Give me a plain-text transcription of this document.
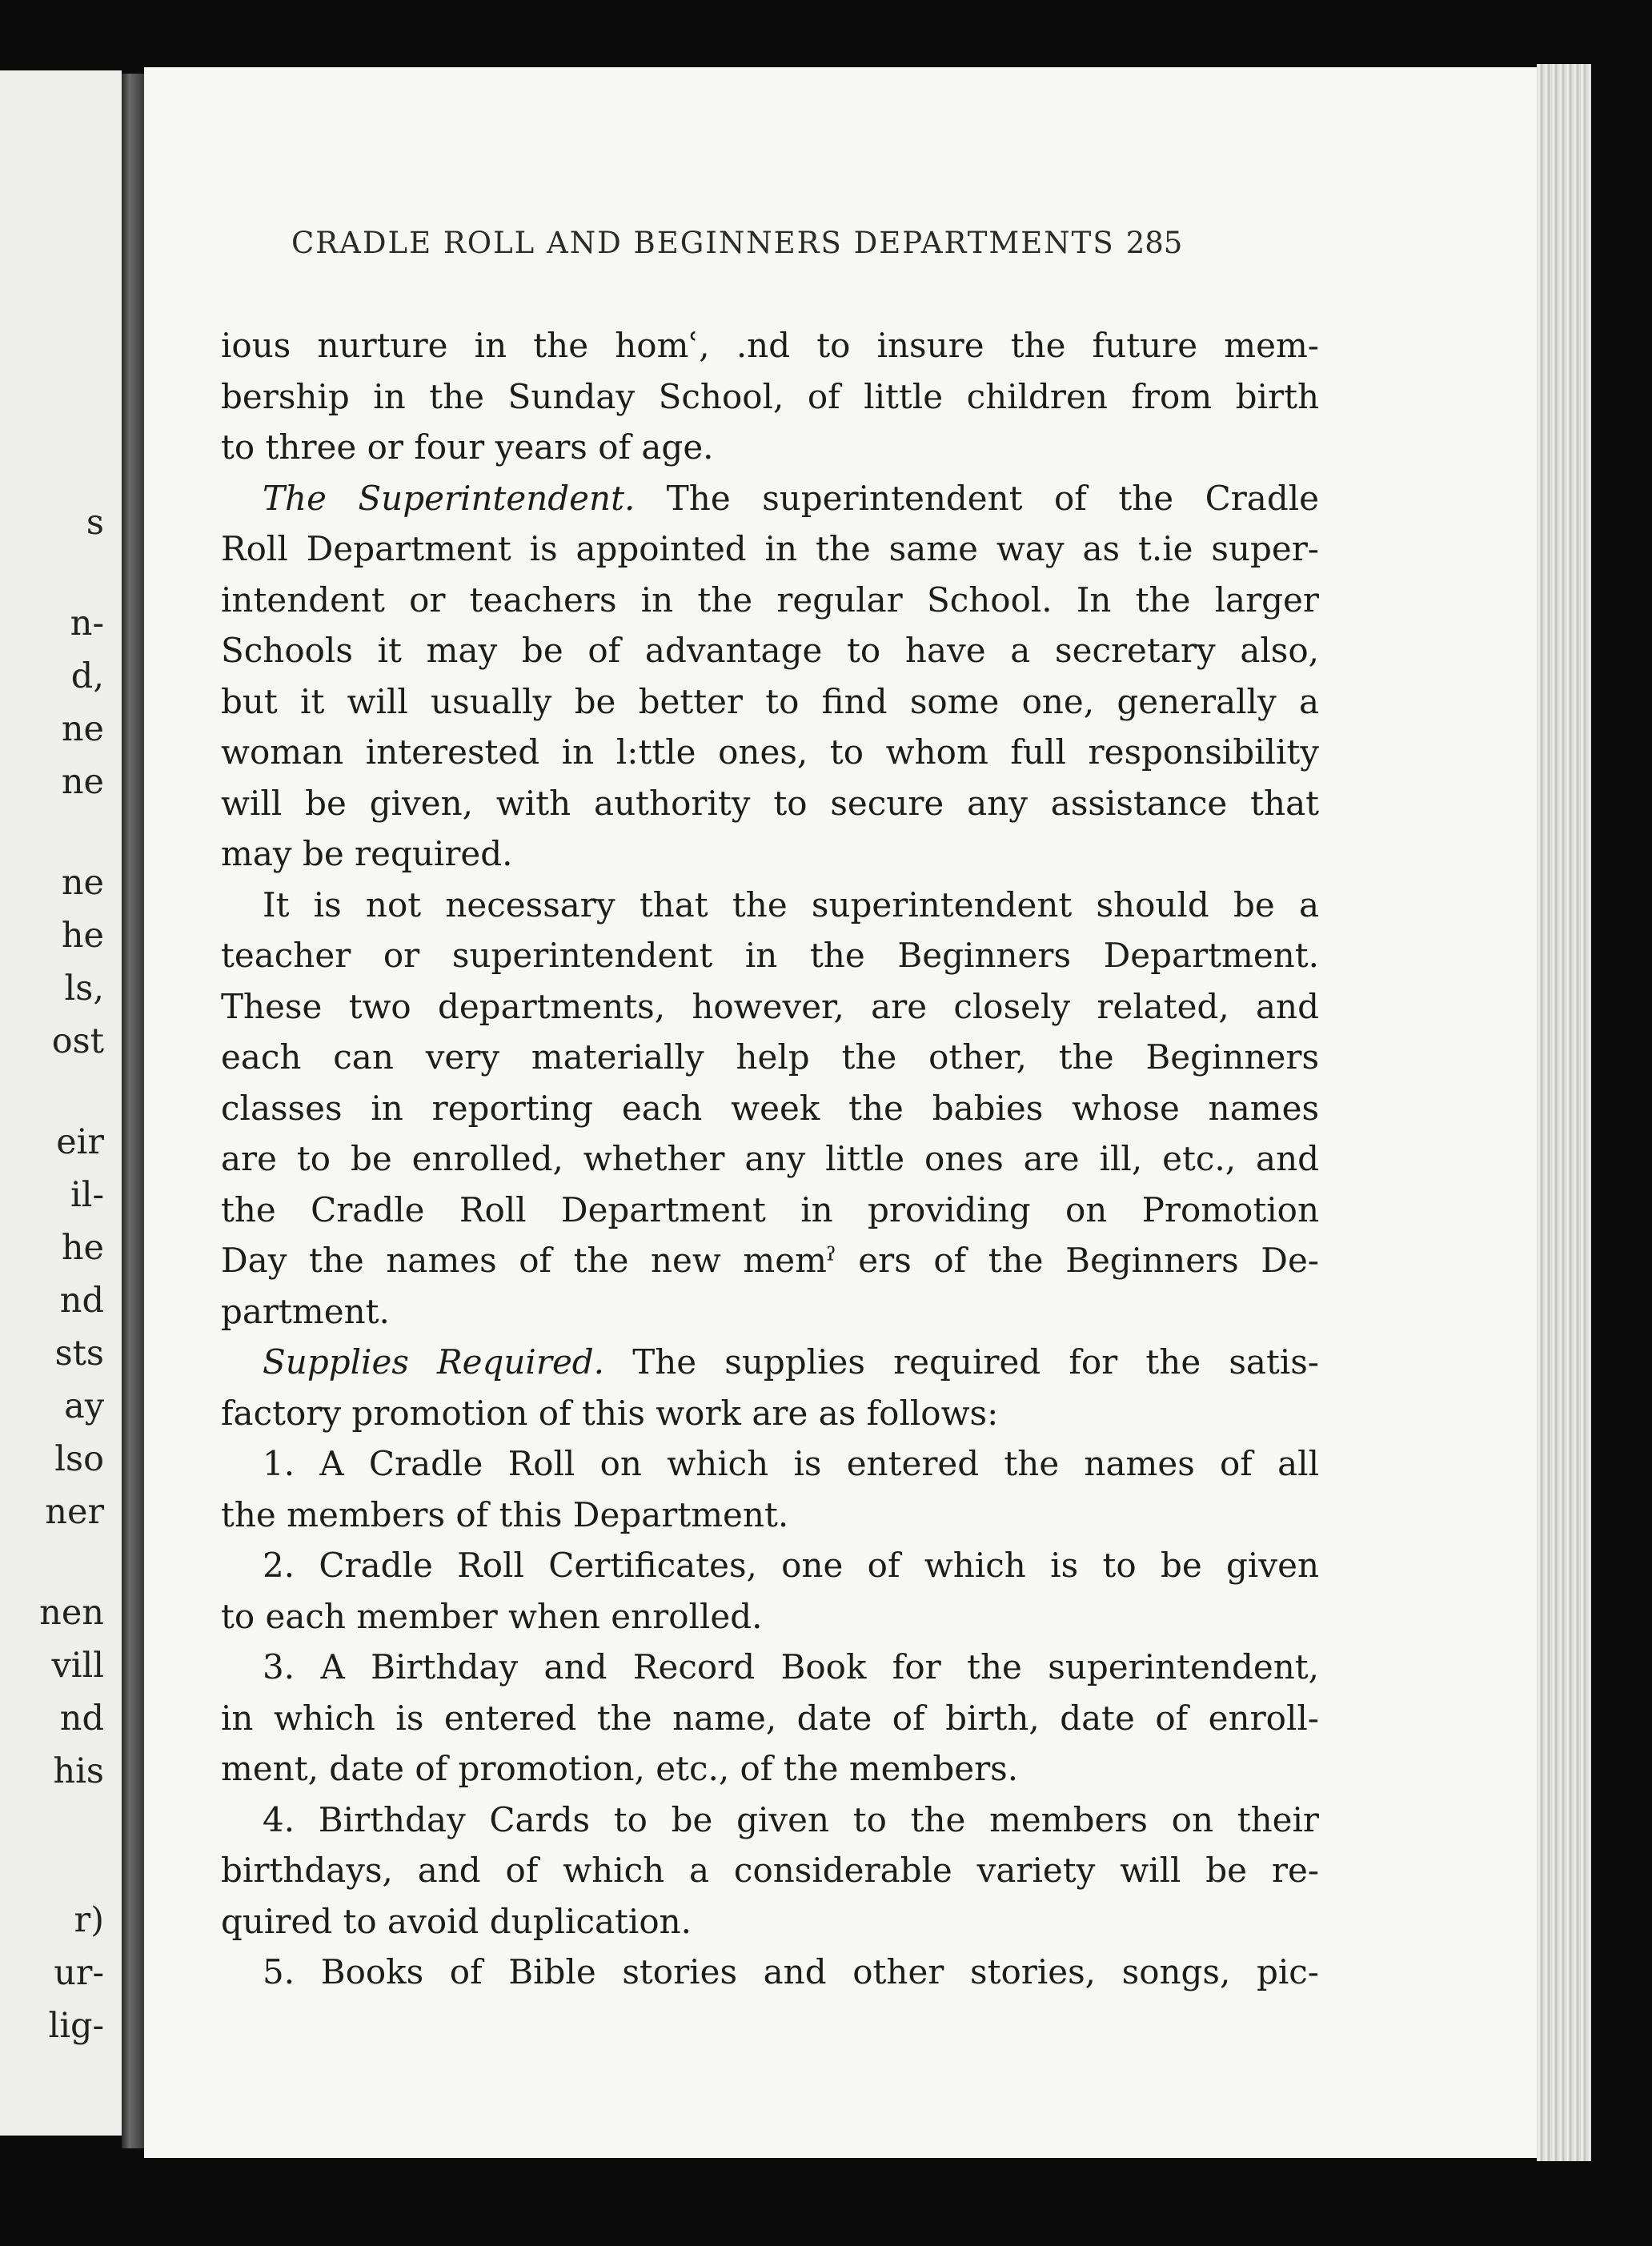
s
n-
d,
ne
ne
ne
he
ls,
ost
eir
il-
he
nd
sts
ay
lso
ner
nen
vill
nd
his
r)
ur-
lig-
CRADLE ROLL AND BEGINNERS DEPARTMENTS 285
ious nurture in the homʿ, .nd to insure the future mem-
bership in the Sunday School, of little children from birth
to three or four years of age.
The Superintendent. The superintendent of the Cradle
Roll Department is appointed in the same way as t.ie super-
intendent or teachers in the regular School. In the larger
Schools it may be of advantage to have a secretary also,
but it will usually be better to find some one, generally a
woman interested in l:ttle ones, to whom full responsibility
will be given, with authority to secure any assistance that
may be required.
It is not necessary that the superintendent should be a
teacher or superintendent in the Beginners Department.
These two departments, however, are closely related, and
each can very materially help the other, the Beginners
classes in reporting each week the babies whose names
are to be enrolled, whether any little ones are ill, etc., and
the Cradle Roll Department in providing on Promotion
Day the names of the new memˀ ers of the Beginners De-
partment.
Supplies Required. The supplies required for the satis-
factory promotion of this work are as follows:
1. A Cradle Roll on which is entered the names of all
the members of this Department.
2. Cradle Roll Certificates, one of which is to be given
to each member when enrolled.
3. A Birthday and Record Book for the superintendent,
in which is entered the name, date of birth, date of enroll-
ment, date of promotion, etc., of the members.
4. Birthday Cards to be given to the members on their
birthdays, and of which a considerable variety will be re-
quired to avoid duplication.
5. Books of Bible stories and other stories, songs, pic-
